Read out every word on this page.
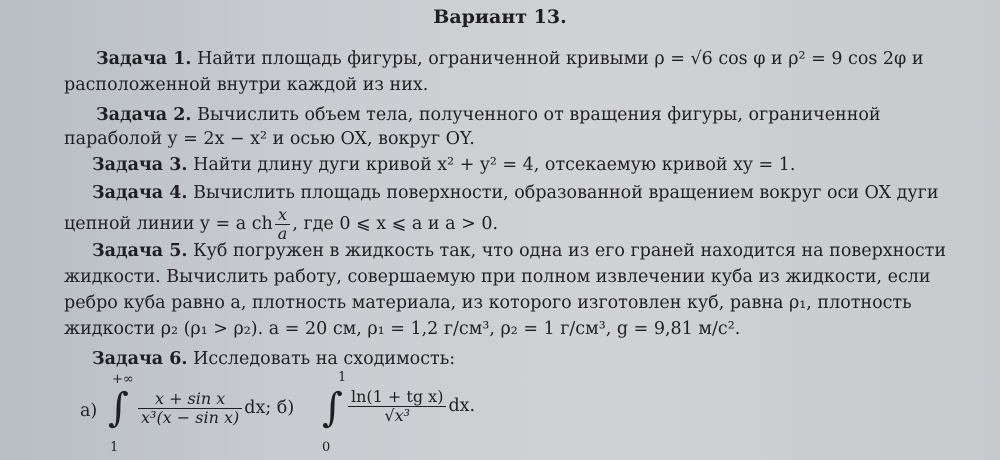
Вариант 13.
Задача 1. Найти площадь фигуры, ограниченной кривыми ρ = √6 cos φ и ρ² = 9 cos 2φ и
расположенной внутри каждой из них.
Задача 2. Вычислить объем тела, полученного от вращения фигуры, ограниченной
параболой y = 2x − x² и осью OX, вокруг OY.
Задача 3. Найти длину дуги кривой x² + y² = 4, отсекаемую кривой xy = 1.
Задача 4. Вычислить площадь поверхности, образованной вращением вокруг оси OX дуги
цепной линии y = a ch $\frac{x}{a}$ , где 0 ⩽ x ⩽ a и a > 0.
Задача 5. Куб погружен в жидкость так, что одна из его граней находится на поверхности
жидкости. Вычислить работу, совершаемую при полном извлечении куба из жидкости, если
ребро куба равно a, плотность материала, из которого изготовлен куб, равна ρ₁, плотность
жидкости ρ₂ (ρ₁ > ρ₂). a = 20 см, ρ₁ = 1,2 г/см³, ρ₂ = 1 г/см³, g = 9,81 м/с².
Задача 6. Исследовать на сходимость:
а)
+∞
∫
1
$\frac{\text{x + sin x}}{\text{x³(x − sin x)}}$ dx; б)
1
∫
0
$\frac{\text{ln(1 + tg x)}}{\text{√x³}}$ dx.
